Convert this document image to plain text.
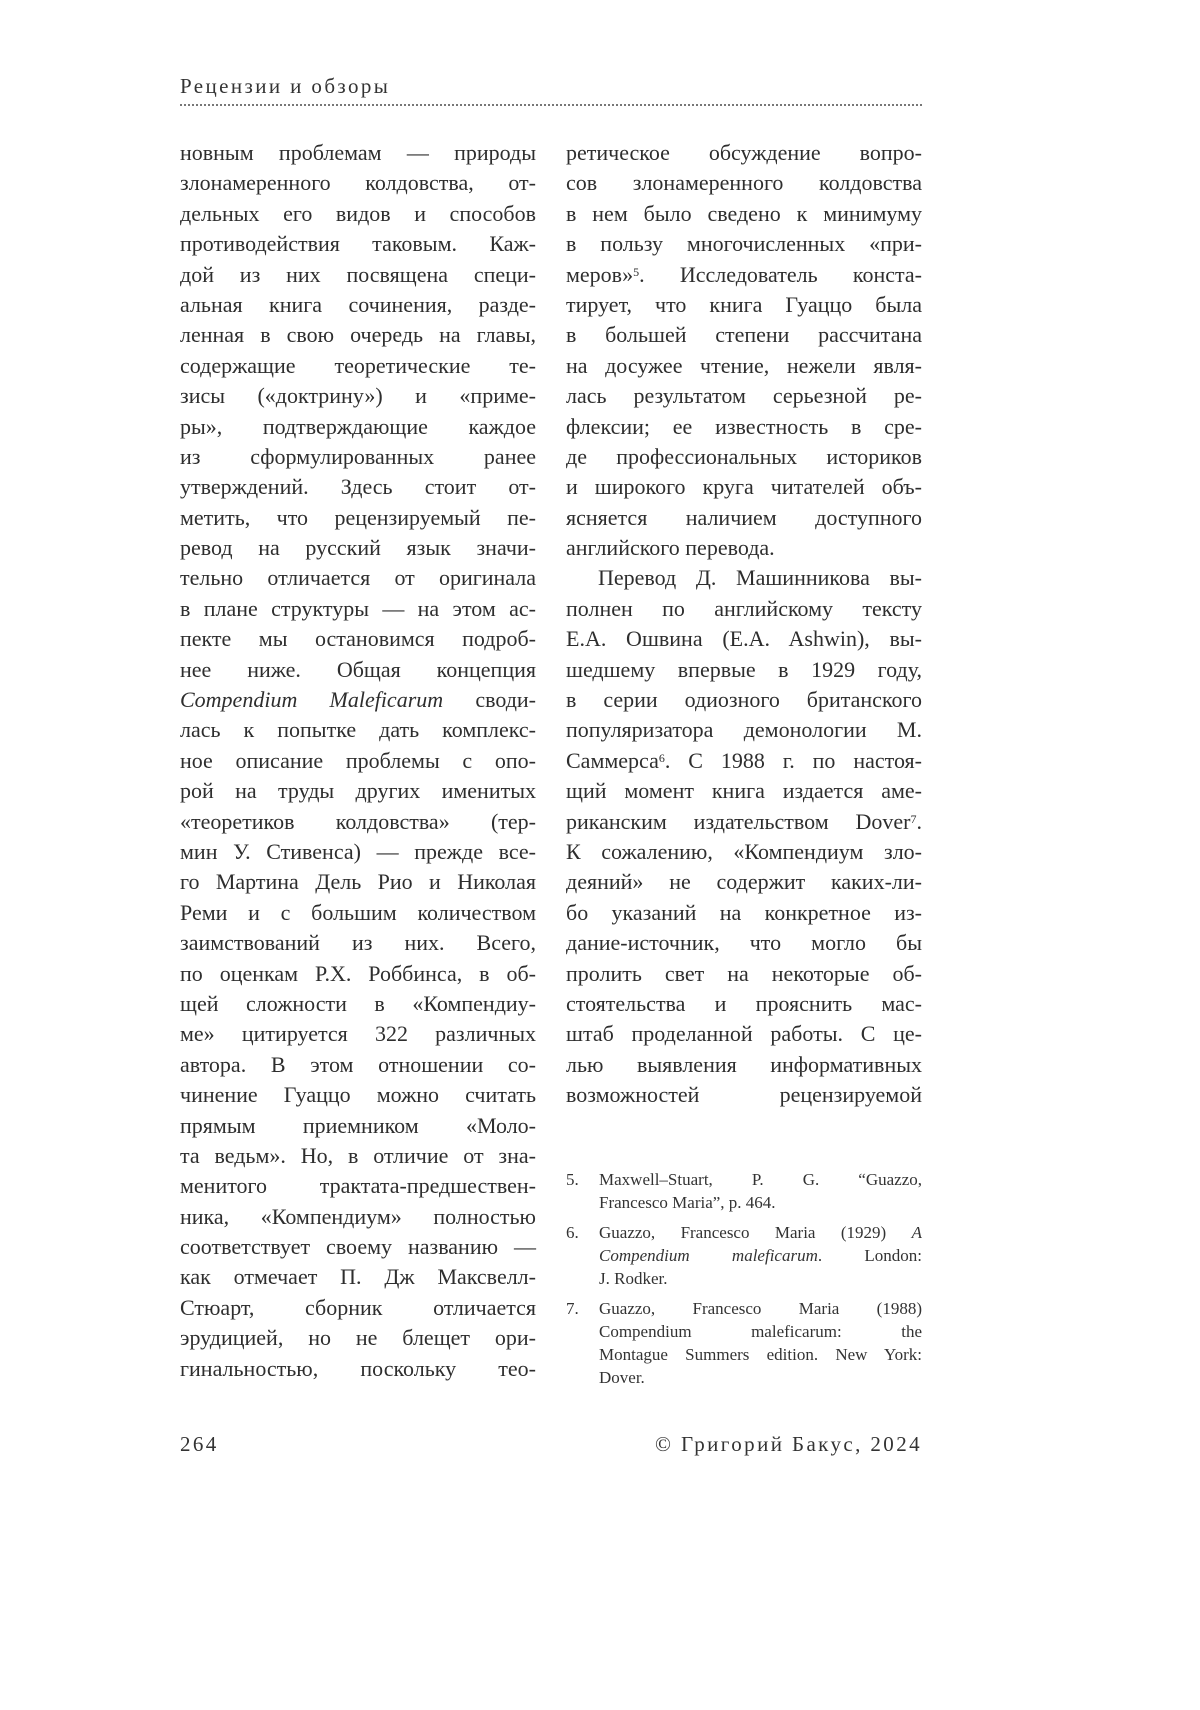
Рецензии и обзоры
новным проблемам — природы
злонамеренного колдовства, от-
дельных его видов и способов
противодействия таковым. Каж-
дой из них посвящена специ-
альная книга сочинения, разде-
ленная в свою очередь на главы,
содержащие теоретические те-
зисы («доктрину») и «приме-
ры», подтверждающие каждое
из сформулированных ранее
утверждений. Здесь стоит от-
метить, что рецензируемый пе-
ревод на русский язык значи-
тельно отличается от оригинала
в плане структуры — на этом ас-
пекте мы остановимся подроб-
нее ниже. Общая концепция
Compendium Maleficarum своди-
лась к попытке дать комплекс-
ное описание проблемы с опо-
рой на труды других именитых
«теоретиков колдовства» (тер-
мин У. Стивенса) — прежде все-
го Мартина Дель Рио и Николая
Реми и с большим количеством
заимствований из них. Всего,
по оценкам Р.Х. Роббинса, в об-
щей сложности в «Компендиу-
ме» цитируется 322 различных
автора. В этом отношении со-
чинение Гуаццо можно считать
прямым приемником «Моло-
та ведьм». Но, в отличие от зна-
менитого трактата-предшествен-
ника, «Компендиум» полностью
соответствует своему названию —
как отмечает П. Дж Максвелл-
Стюарт, сборник отличается
эрудицией, но не блещет ори-
гинальностью, поскольку тео-
ретическое обсуждение вопро-
сов злонамеренного колдовства
в нем было сведено к минимуму
в пользу многочисленных «при-
меров»5. Исследователь конста-
тирует, что книга Гуаццо была
в большей степени рассчитана
на досужее чтение, нежели явля-
лась результатом серьезной ре-
флексии; ее известность в сре-
де профессиональных историков
и широкого круга читателей объ-
ясняется наличием доступного
английского перевода.
Перевод Д. Машинникова вы-
полнен по английскому тексту
Е.А. Ошвина (E.A. Ashwin), вы-
шедшему впервые в 1929 году,
в серии одиозного британского
популяризатора демонологии М.
Саммерса6. С 1988 г. по настоя-
щий момент книга издается аме-
риканским издательством Dover7.
К сожалению, «Компендиум зло-
деяний» не содержит каких-ли-
бо указаний на конкретное из-
дание-источник, что могло бы
пролить свет на некоторые об-
стоятельства и прояснить мас-
штаб проделанной работы. С це-
лью выявления информативных
возможностей рецензируемой
5.	Maxwell–Stuart, P. G. “Guazzo,
Francesco Maria”, p. 464.
6.	Guazzo, Francesco Maria (1929) A
Compendium maleficarum. London:
J. Rodker.
7.	Guazzo, Francesco Maria (1988)
Compendium maleficarum: the
Montague Summers edition. New York:
Dover.
264	© Григорий Бакус, 2024
